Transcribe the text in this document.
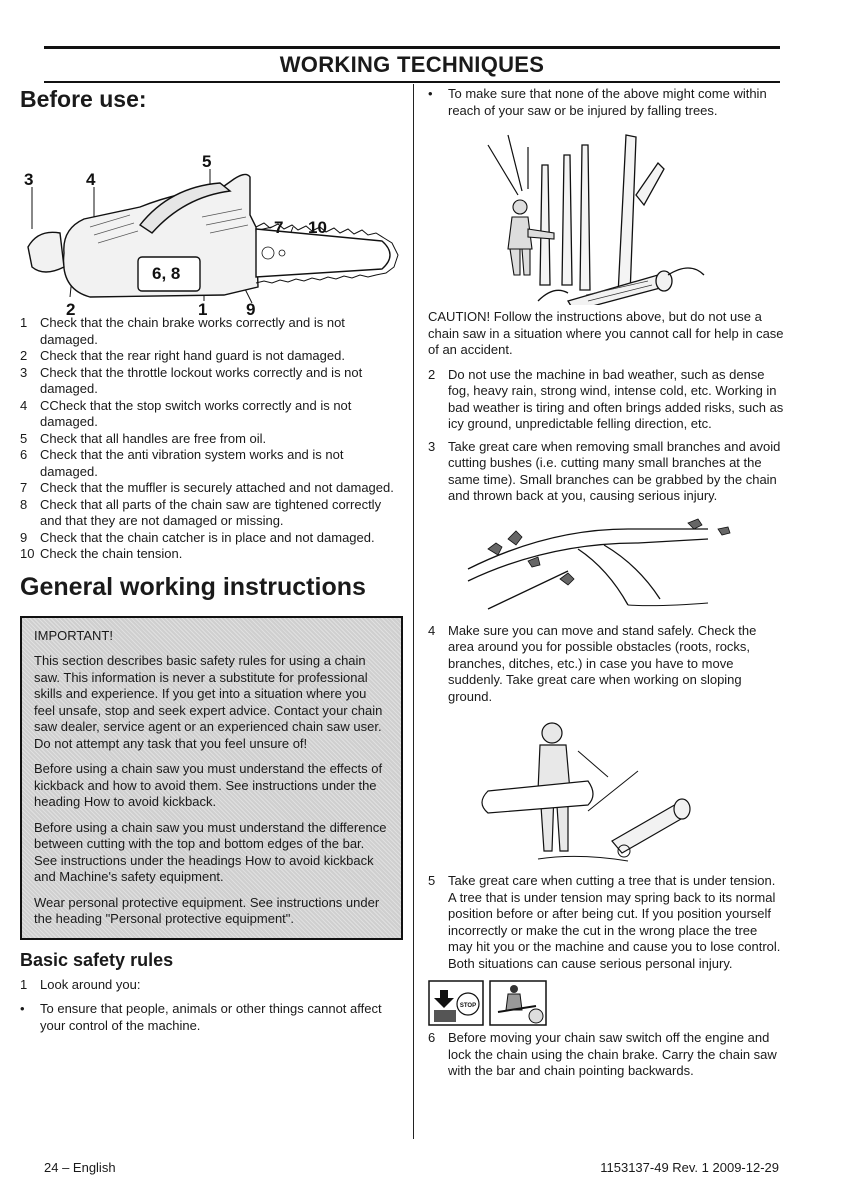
WORKING TECHNIQUES
Before use:
3	4
5
7 10
6, 8
2	1 9
1 Check that the chain brake works correctly and is not damaged.
2 Check that the rear right hand guard is not damaged.
3 Check that the throttle lockout works correctly and is not damaged.
4 CCheck that the stop switch works correctly and is not damaged.
5 Check that all handles are free from oil.
6 Check that the anti vibration system works and is not damaged.
7 Check that the muffler is securely attached and not damaged.
8 Check that all parts of the chain saw are tightened correctly and that they are not damaged or missing.
9 Check that the chain catcher is in place and not damaged.
10 Check the chain tension.
General working instructions

IMPORTANT!

This section describes basic safety rules for using a chain saw. This information is never a substitute for professional skills and experience. If you get into a situation where you feel unsafe, stop and seek expert advice. Contact your chain saw dealer, service agent or an experienced chain saw user. Do not attempt any task that you feel unsure of!

Before using a chain saw you must understand the effects of kickback and how to avoid them. See instructions under the heading How to avoid kickback.

Before using a chain saw you must understand the difference between cutting with the top and bottom edges of the bar. See instructions under the headings How to avoid kickback and Machine's safety equipment.

Wear personal protective equipment. See instructions under the heading "Personal protective equipment".

Basic safety rules
1 Look around you:
• To ensure that people, animals or other things cannot affect your control of the machine.
• To make sure that none of the above might come within reach of your saw or be injured by falling trees.

CAUTION! Follow the instructions above, but do not use a chain saw in a situation where you cannot call for help in case of an accident.

2 Do not use the machine in bad weather, such as dense fog, heavy rain, strong wind, intense cold, etc. Working in bad weather is tiring and often brings added risks, such as icy ground, unpredictable felling direction, etc.
3 Take great care when removing small branches and avoid cutting bushes (i.e. cutting many small branches at the same time). Small branches can be grabbed by the chain and thrown back at you, causing serious injury.
4 Make sure you can move and stand safely. Check the area around you for possible obstacles (roots, rocks, branches, ditches, etc.) in case you have to move suddenly. Take great care when working on sloping ground.
5 Take great care when cutting a tree that is under tension. A tree that is under tension may spring back to its normal position before or after being cut. If you position yourself incorrectly or make the cut in the wrong place the tree may hit you or the machine and cause you to lose control. Both situations can cause serious personal injury.
STOP
6 Before moving your chain saw switch off the engine and lock the chain using the chain brake. Carry the chain saw with the bar and chain pointing backwards.
24 – English	1153137-49 Rev. 1 2009-12-29
